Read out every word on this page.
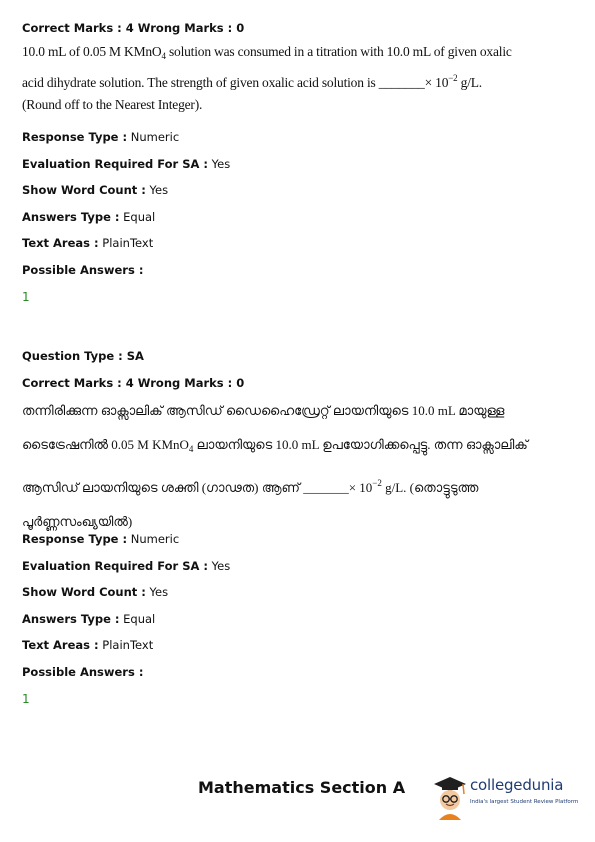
Correct Marks : 4 Wrong Marks : 0

10.0 mL of 0.05 M KMnO$_4$ solution was consumed in a titration with 10.0 mL of given oxalic
acid dihydrate solution. The strength of given oxalic acid solution is _______× $10^{-2}$ g/L.
(Round off to the Nearest Integer).

Response Type : Numeric

Evaluation Required For SA : Yes

Show Word Count : Yes

Answers Type : Equal

Text Areas : PlainText

Possible Answers :

1

Question Type : SA

Correct Marks : 4 Wrong Marks : 0

തന്നിരിക്കുന്ന ഓക്സാലിക് ആസിഡ് ഡൈഹൈഡ്രേറ്റ് ലായനിയുടെ 10.0 mL മായുള്ള
ടൈട്രേഷനിൽ 0.05 M KMnO$_4$ ലായനിയുടെ 10.0 mL ഉപയോഗിക്കപ്പെട്ടു. തന്ന ഓക്സാലിക്
ആസിഡ് ലായനിയുടെ ശക്തി (ഗാഢത) ആണ് _______× $10^{-2}$ g/L. (തൊട്ടുടുത്ത
പൂർണ്ണസംഖ്യയിൽ)

Response Type : Numeric

Evaluation Required For SA : Yes

Show Word Count : Yes

Answers Type : Equal

Text Areas : PlainText

Possible Answers :

1
Mathematics Section A	collegedunia
India's largest Student Review Platform
